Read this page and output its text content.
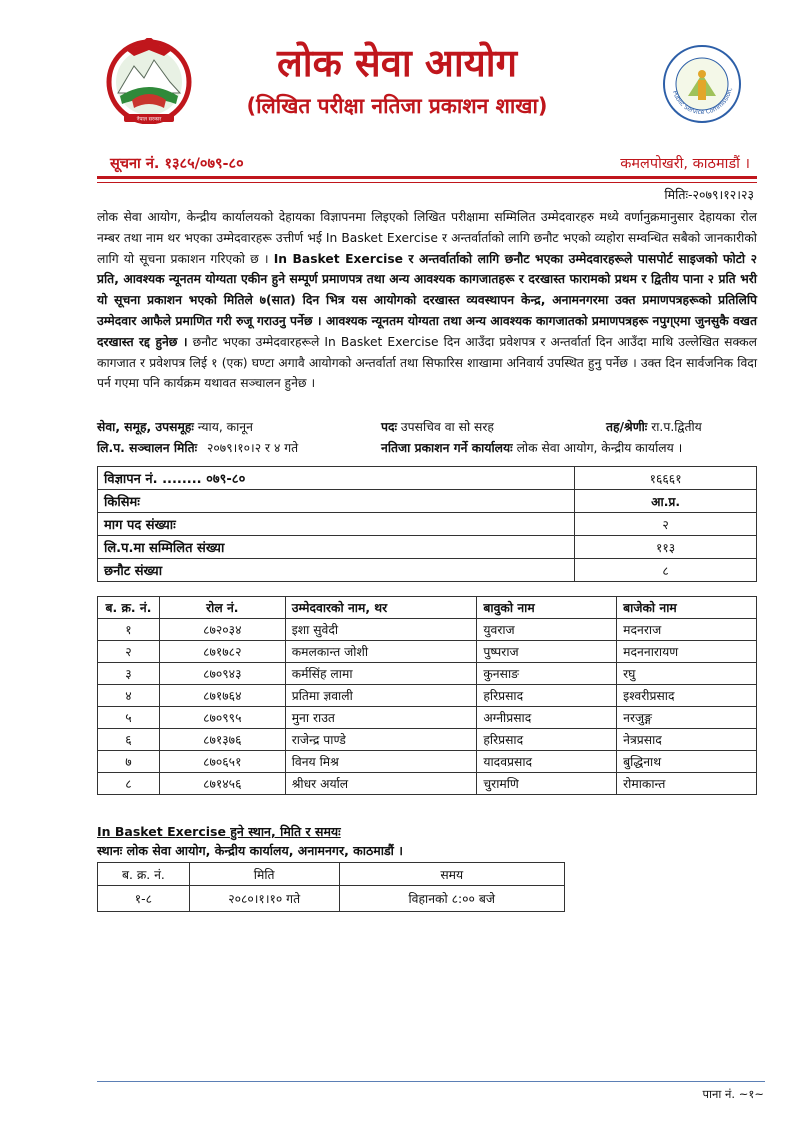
नेपाल सरकार
लोक सेवा आयोग
(लिखित परीक्षा नतिजा प्रकाशन शाखा)
Public Service Commission,
सूचना नं. १३८५/०७९-८०	कमलपोखरी, काठमाडौं ।
मितिः-२०७९।१२।२३
लोक सेवा आयोग, केन्द्रीय कार्यालयको देहायका विज्ञापनमा लिइएको लिखित परीक्षामा सम्मिलित उम्मेदवारहरु मध्ये वर्णानुक्रमानुसार देहायका रोल नम्बर तथा नाम थर भएका उम्मेदवारहरू उत्तीर्ण भई In Basket Exercise र अन्तर्वार्ताको लागि छनौट भएको व्यहोरा सम्वन्धित सबैको जानकारीको लागि यो सूचना प्रकाशन गरिएको छ । In Basket Exercise र अन्तर्वार्ताको लागि छनौट भएका उम्मेदवारहरूले पासपोर्ट साइजको फोटो २ प्रति, आवश्यक न्यूनतम योग्यता एकीन हुने सम्पूर्ण प्रमाणपत्र तथा अन्य आवश्यक कागजातहरू र दरखास्त फारामको प्रथम र द्वितीय पाना २ प्रति भरी यो सूचना प्रकाशन भएको मितिले ७(सात) दिन भित्र यस आयोगको दरखास्त व्यवस्थापन केन्द्र, अनामनगरमा उक्त प्रमाणपत्रहरूको प्रतिलिपि उम्मेदवार आफैले प्रमाणित गरी रुजू गराउनु पर्नेछ । आवश्यक न्यूनतम योग्यता तथा अन्य आवश्यक कागजातको प्रमाणपत्रहरू नपुग्एमा जुनसुकै वखत दरखास्त रद्द हुनेछ । छनौट भएका उम्मेदवारहरूले In Basket Exercise दिन आउँदा प्रवेशपत्र र अन्तर्वार्ता दिन आउँदा माथि उल्लेखित सक्कल कागजात र प्रवेशपत्र लिई १ (एक) घण्टा अगावै आयोगको अन्तर्वार्ता तथा सिफारिस शाखामा अनिवार्य उपस्थित हुनु पर्नेछ । उक्त दिन सार्वजनिक विदा पर्न गएमा पनि कार्यक्रम यथावत सञ्चालन हुनेछ ।
सेवा, समूह, उपसमूहः न्याय, कानून	पदः उपसचिव वा सो सरह	तह/श्रेणीः रा.प.द्वितीय
लि.प. सञ्चालन मितिः २०७९।१०।२ र ४ गते	नतिजा प्रकाशन गर्ने कार्यालयः लोक सेवा आयोग, केन्द्रीय कार्यालय ।
विज्ञापन नं. ........ ०७९-८०	१६६६१
किसिमः	आ.प्र.
माग पद संख्याः	२
लि.प.मा सम्मिलित संख्या	११३
छनौट संख्या	८
ब. क्र. नं.	रोल नं.	उम्मेदवारको नाम, थर	बावुको नाम	बाजेको नाम
१	८७२०३४	इशा सुवेदी	युवराज	मदनराज
२	८७१७८२	कमलकान्त जोशी	पुष्पराज	मदननारायण
३	८७०९४३	कर्मसिंह लामा	कुनसाङ	रघु
४	८७१७६४	प्रतिमा ज्ञवाली	हरिप्रसाद	इश्वरीप्रसाद
५	८७०९९५	मुना राउत	अग्नीप्रसाद	नरजुङ्ग
६	८७१३७६	राजेन्द्र पाण्डे	हरिप्रसाद	नेत्रप्रसाद
७	८७०६५१	विनय मिश्र	यादवप्रसाद	बुद्धिनाथ
८	८७१४५६	श्रीधर अर्याल	चुरामणि	रोमाकान्त
In Basket Exercise हुने स्थान, मिति र समयः
स्थानः लोक सेवा आयोग, केन्द्रीय कार्यालय, अनामनगर, काठमाडौं ।
ब. क्र. नं.	मिति	समय
१-८	२०८०।१।१० गते	विहानको ८:०० बजे
पाना नं. ~१~
